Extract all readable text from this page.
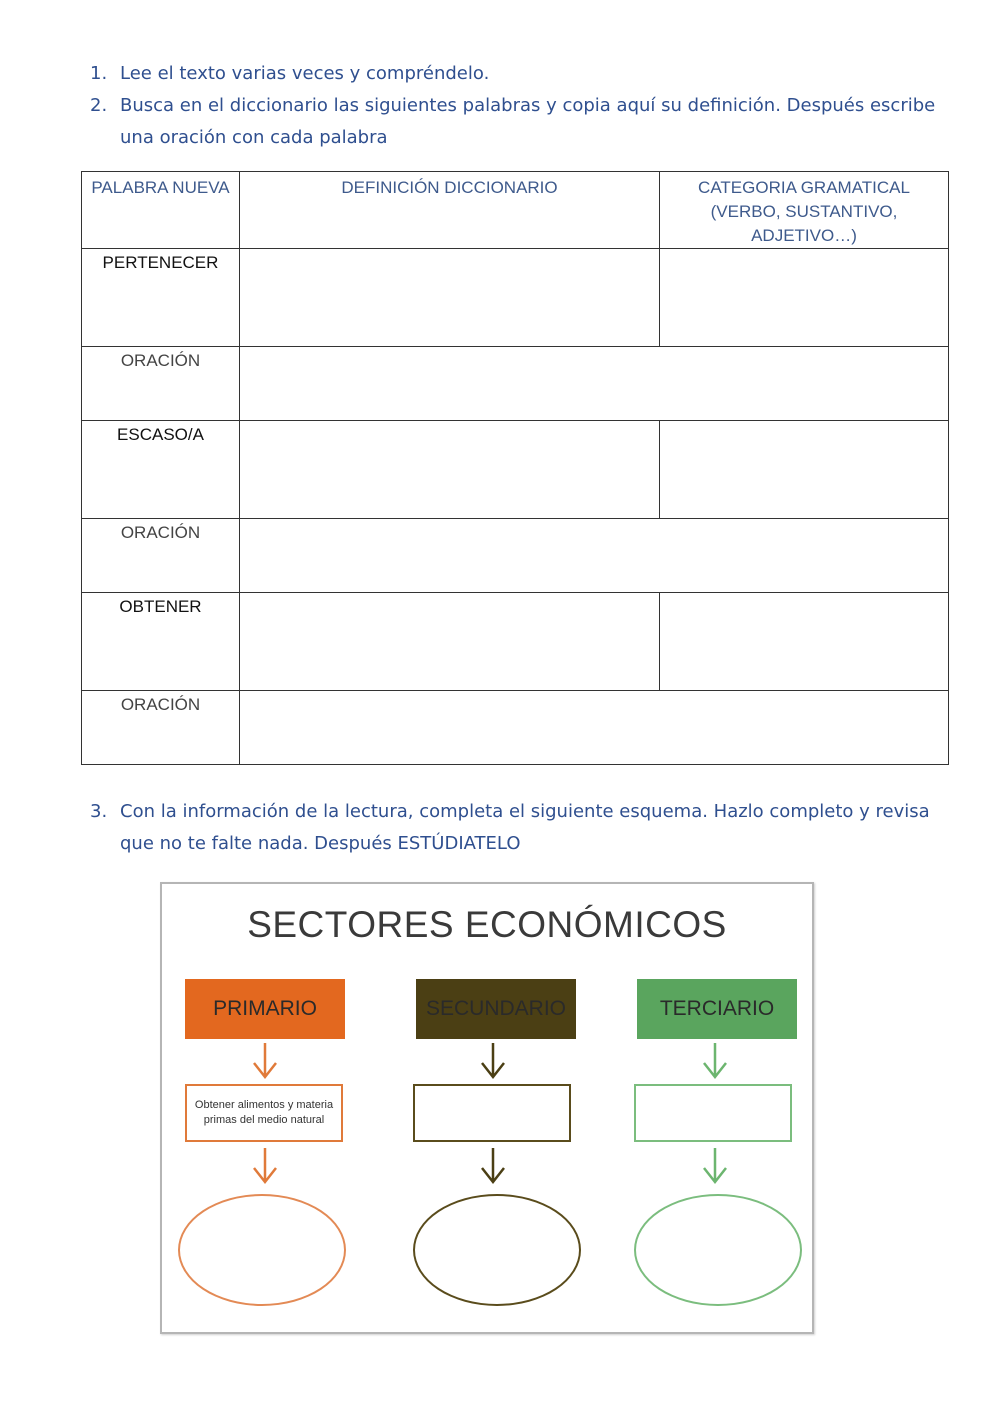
1. Lee el texto varias veces y compréndelo.
2. Busca en el diccionario las siguientes palabras y copia aquí su definición. Después escribe una oración con cada palabra
PALABRA NUEVA	DEFINICIÓN DICCIONARIO	CATEGORIA GRAMATICAL (VERBO, SUSTANTIVO, ADJETIVO…)
PERTENECER		
ORACIÓN		
ESCASO/A		
ORACIÓN		
OBTENER		
ORACIÓN		
3. Con la información de la lectura, completa el siguiente esquema. Hazlo completo y revisa que no te falte nada. Después ESTÚDIATELO
SECTORES ECONÓMICOS
PRIMARIO	SECUNDARIO	TERCIARIO
Obtener alimentos y materia primas del medio natural
